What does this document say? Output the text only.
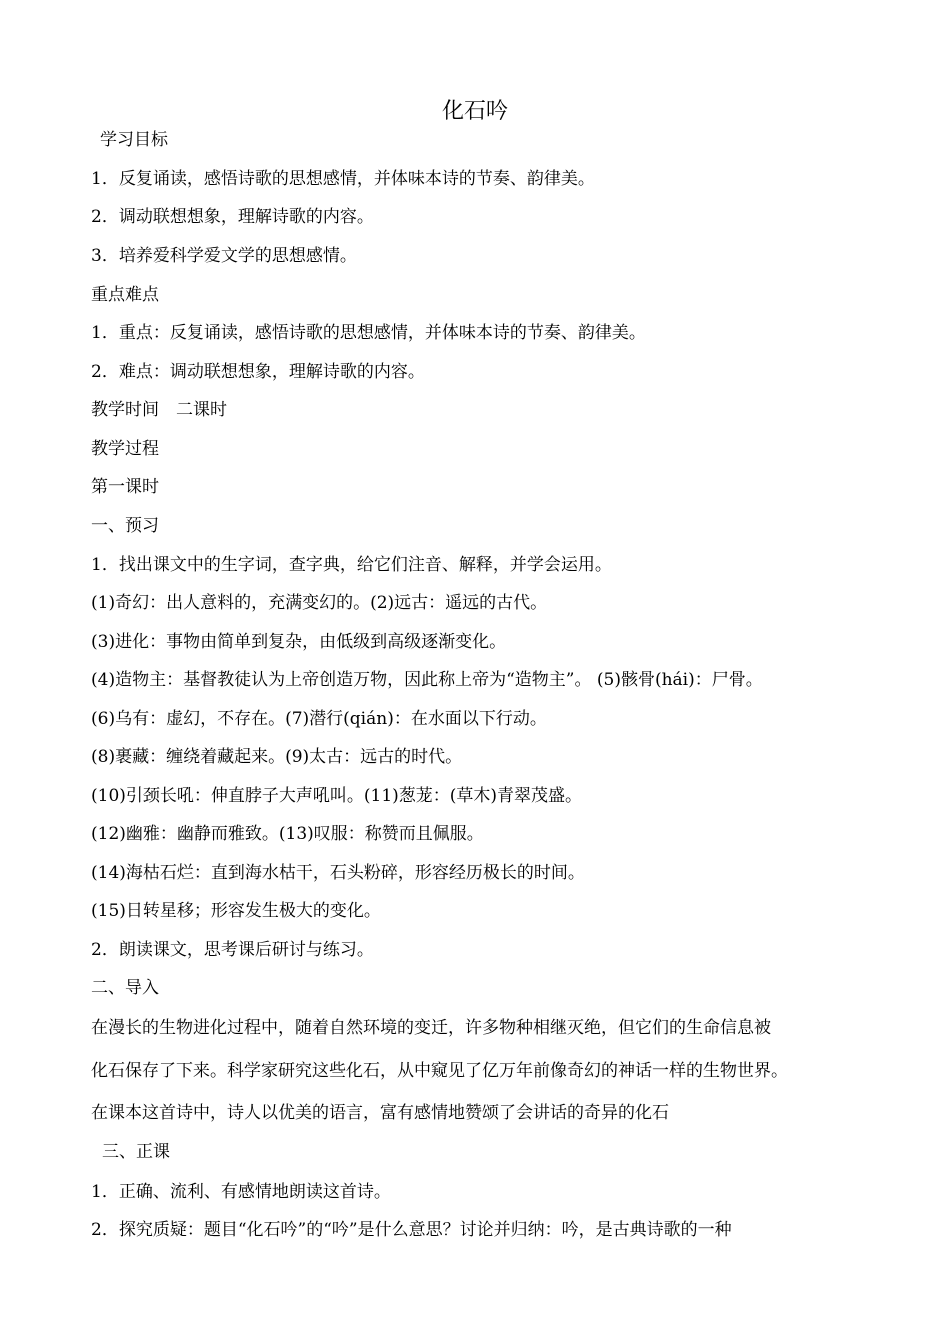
化石吟
学习目标
1．反复诵读，感悟诗歌的思想感情，并体味本诗的节奏、韵律美。
2．调动联想想象，理解诗歌的内容。
3．培养爱科学爱文学的思想感情。
重点难点
1．重点：反复诵读，感悟诗歌的思想感情，并体味本诗的节奏、韵律美。
2．难点：调动联想想象，理解诗歌的内容。
教学时间　二课时
教学过程
第一课时
一、预习
1．找出课文中的生字词，查字典，给它们注音、解释，并学会运用。
(1)奇幻：出人意料的，充满变幻的。(2)远古：遥远的古代。
(3)进化：事物由简单到复杂，由低级到高级逐渐变化。
(4)造物主：基督教徒认为上帝创造万物，因此称上帝为“造物主”。 (5)骸骨(hái)：尸骨。
(6)乌有：虚幻，不存在。(7)潜行(qián)：在水面以下行动。
(8)裹藏：缠绕着藏起来。(9)太古：远古的时代。
(10)引颈长吼：伸直脖子大声吼叫。(11)葱茏：(草木)青翠茂盛。
(12)幽雅：幽静而雅致。(13)叹服：称赞而且佩服。
(14)海枯石烂：直到海水枯干，石头粉碎，形容经历极长的时间。
(15)日转星移；形容发生极大的变化。
2．朗读课文，思考课后研讨与练习。
二、导入
在漫长的生物进化过程中，随着自然环境的变迁，许多物种相继灭绝，但它们的生命信息被
化石保存了下来。科学家研究这些化石，从中窥见了亿万年前像奇幻的神话一样的生物世界。
在课本这首诗中，诗人以优美的语言，富有感情地赞颂了会讲话的奇异的化石
三、正课
1．正确、流利、有感情地朗读这首诗。
2．探究质疑：题目“化石吟”的“吟”是什么意思？讨论并归纳：吟，是古典诗歌的一种
